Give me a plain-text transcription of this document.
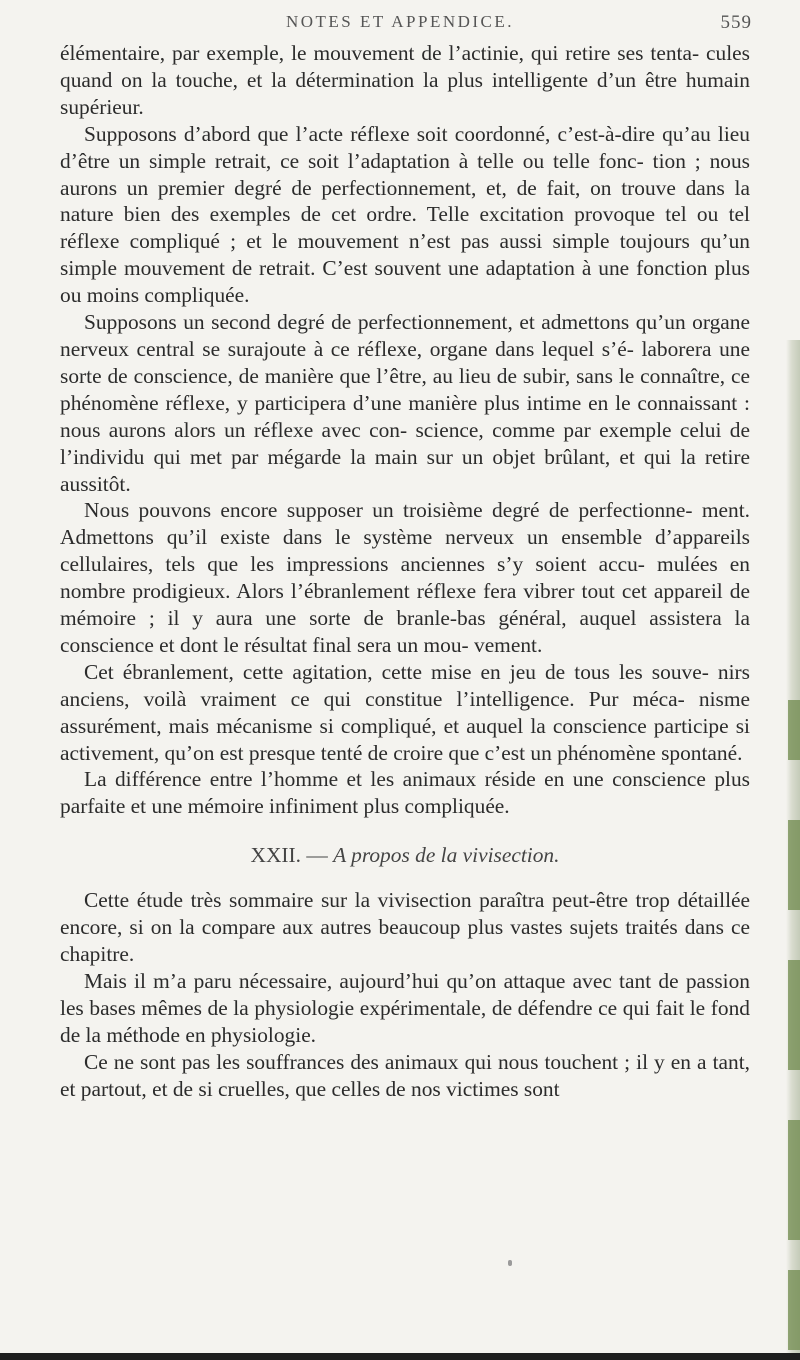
NOTES ET APPENDICE.	559

élémentaire, par exemple, le mouvement de l’actinie, qui retire ses tenta- cules quand on la touche, et la détermination la plus intelligente d’un être humain supérieur.

Supposons d’abord que l’acte réflexe soit coordonné, c’est-à-dire qu’au lieu d’être un simple retrait, ce soit l’adaptation à telle ou telle fonc- tion ; nous aurons un premier degré de perfectionnement, et, de fait, on trouve dans la nature bien des exemples de cet ordre. Telle excitation provoque tel ou tel réflexe compliqué ; et le mouvement n’est pas aussi simple toujours qu’un simple mouvement de retrait. C’est souvent une adaptation à une fonction plus ou moins compliquée.

Supposons un second degré de perfectionnement, et admettons qu’un organe nerveux central se surajoute à ce réflexe, organe dans lequel s’é- laborera une sorte de conscience, de manière que l’être, au lieu de subir, sans le connaître, ce phénomène réflexe, y participera d’une manière plus intime en le connaissant : nous aurons alors un réflexe avec con- science, comme par exemple celui de l’individu qui met par mégarde la main sur un objet brûlant, et qui la retire aussitôt.

Nous pouvons encore supposer un troisième degré de perfectionne- ment. Admettons qu’il existe dans le système nerveux un ensemble d’appareils cellulaires, tels que les impressions anciennes s’y soient accu- mulées en nombre prodigieux. Alors l’ébranlement réflexe fera vibrer tout cet appareil de mémoire ; il y aura une sorte de branle-bas général, auquel assistera la conscience et dont le résultat final sera un mou- vement.

Cet ébranlement, cette agitation, cette mise en jeu de tous les souve- nirs anciens, voilà vraiment ce qui constitue l’intelligence. Pur méca- nisme assurément, mais mécanisme si compliqué, et auquel la conscience participe si activement, qu’on est presque tenté de croire que c’est un phénomène spontané.

La différence entre l’homme et les animaux réside en une conscience plus parfaite et une mémoire infiniment plus compliquée.

XXII. — A propos de la vivisection.

Cette étude très sommaire sur la vivisection paraîtra peut-être trop détaillée encore, si on la compare aux autres beaucoup plus vastes sujets traités dans ce chapitre.

Mais il m’a paru nécessaire, aujourd’hui qu’on attaque avec tant de passion les bases mêmes de la physiologie expérimentale, de défendre ce qui fait le fond de la méthode en physiologie.

Ce ne sont pas les souffrances des animaux qui nous touchent ; il y en a tant, et partout, et de si cruelles, que celles de nos victimes sont
